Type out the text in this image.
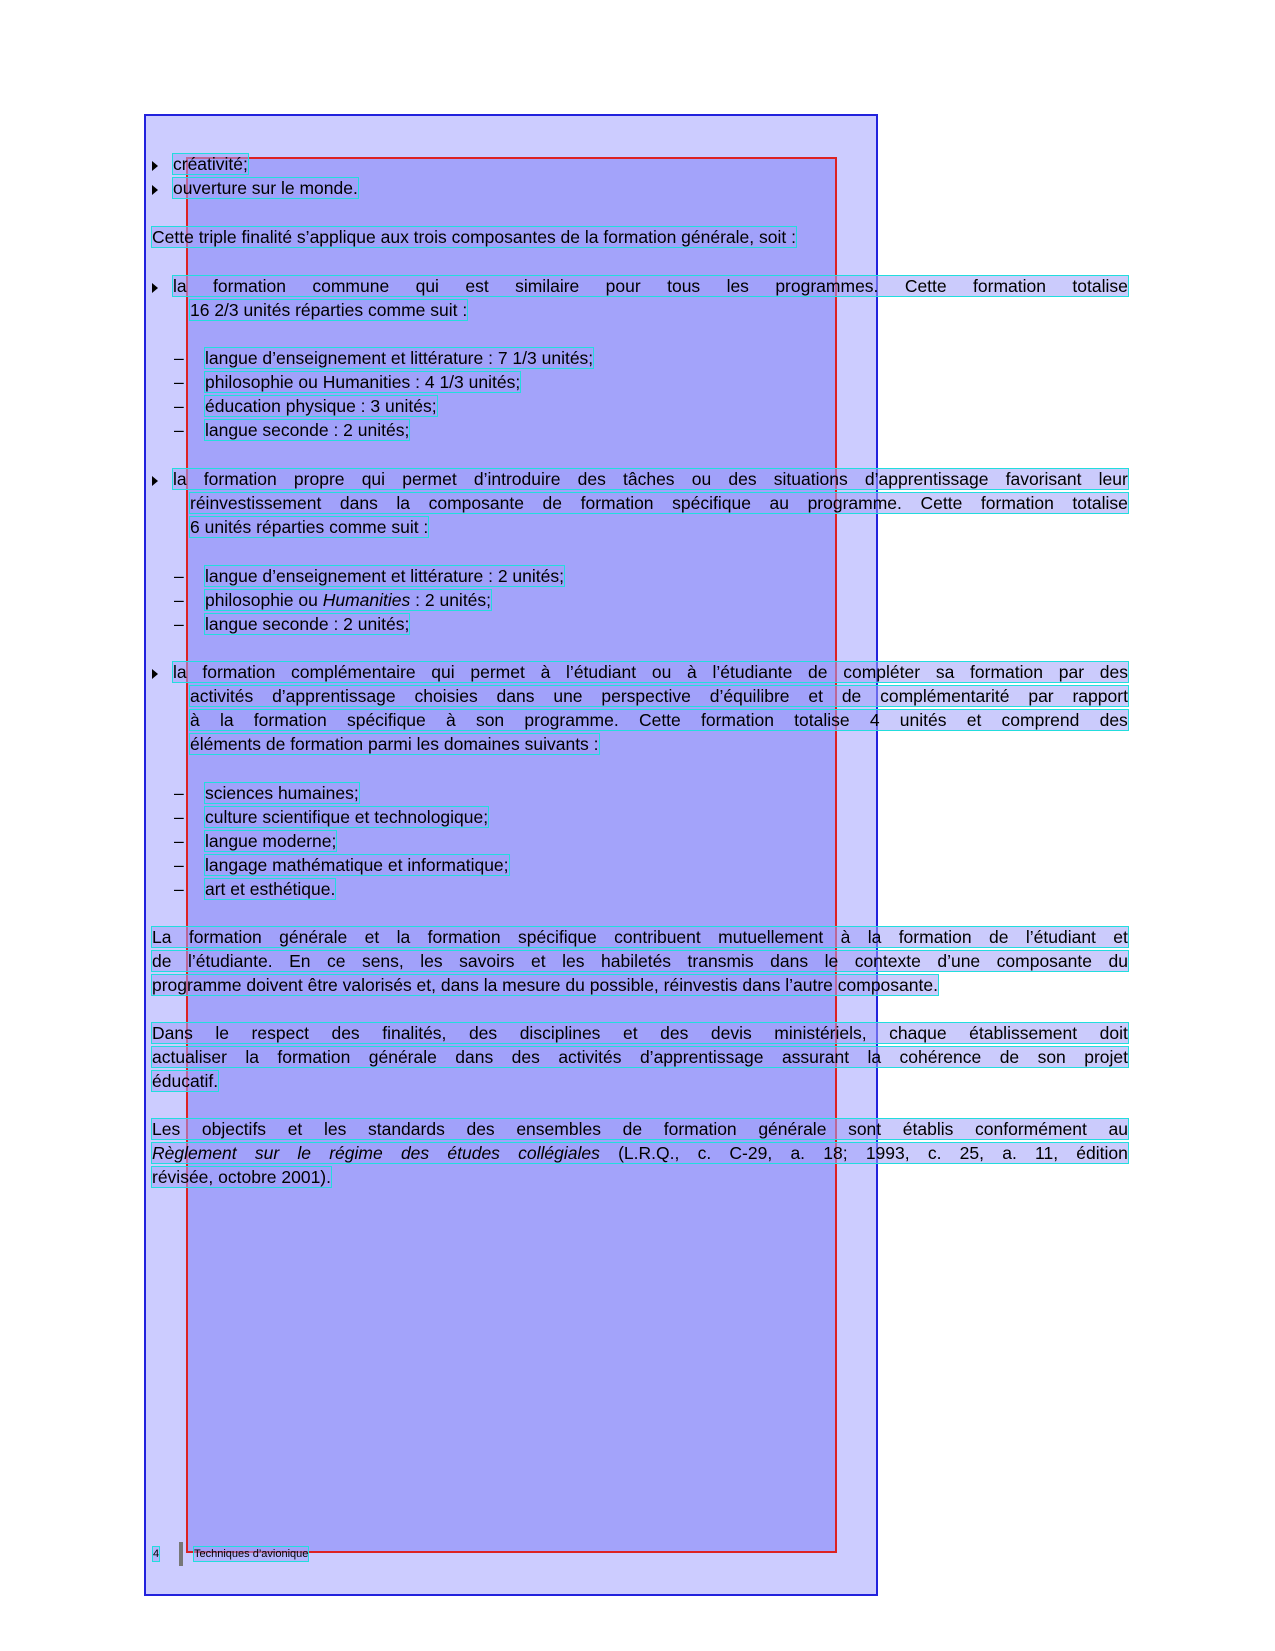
créativité;
ouverture sur le monde.
Cette triple finalité s’applique aux trois composantes de la formation générale, soit :
la formation commune qui est similaire pour tous les programmes. Cette formation totalise
16 2/3 unités réparties comme suit :
– langue d’enseignement et littérature : 7 1/3 unités;
– philosophie ou Humanities : 4 1/3 unités;
– éducation physique : 3 unités;
– langue seconde : 2 unités;
la formation propre qui permet d’introduire des tâches ou des situations d’apprentissage favorisant leur
réinvestissement dans la composante de formation spécifique au programme. Cette formation totalise
6 unités réparties comme suit :
– langue d’enseignement et littérature : 2 unités;
– philosophie ou Humanities : 2 unités;
– langue seconde : 2 unités;
la formation complémentaire qui permet à l’étudiant ou à l’étudiante de compléter sa formation par des
activités d’apprentissage choisies dans une perspective d’équilibre et de complémentarité par rapport
à la formation spécifique à son programme. Cette formation totalise 4 unités et comprend des
éléments de formation parmi les domaines suivants :
– sciences humaines;
– culture scientifique et technologique;
– langue moderne;
– langage mathématique et informatique;
– art et esthétique.
La formation générale et la formation spécifique contribuent mutuellement à la formation de l’étudiant et
de l’étudiante. En ce sens, les savoirs et les habiletés transmis dans le contexte d’une composante du
programme doivent être valorisés et, dans la mesure du possible, réinvestis dans l’autre composante.
Dans le respect des finalités, des disciplines et des devis ministériels, chaque établissement doit
actualiser la formation générale dans des activités d’apprentissage assurant la cohérence de son projet
éducatif.
Les objectifs et les standards des ensembles de formation générale sont établis conformément au
Règlement sur le régime des études collégiales (L.R.Q., c. C-29, a. 18; 1993, c. 25, a. 11, édition
révisée, octobre 2001).
4	Techniques d’avionique
